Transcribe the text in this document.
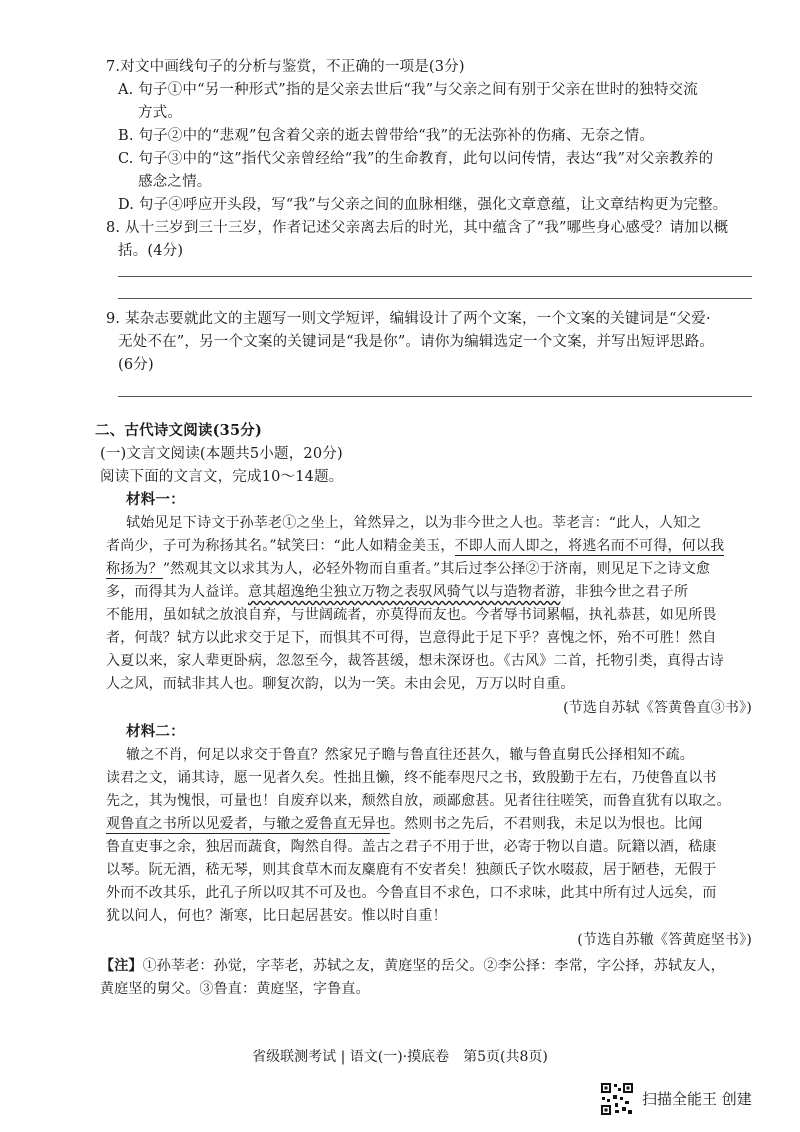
7.对文中画线句子的分析与鉴赏，不正确的一项是(3分)
A. 句子①中“另一种形式”指的是父亲去世后“我”与父亲之间有别于父亲在世时的独特交流
方式。
B. 句子②中的“悲观”包含着父亲的逝去曾带给“我”的无法弥补的伤痛、无奈之情。
C. 句子③中的“这”指代父亲曾经给“我”的生命教育，此句以问传情，表达“我”对父亲教养的
感念之情。
D. 句子④呼应开头段，写“我”与父亲之间的血脉相继，强化文章意蕴，让文章结构更为完整。
8. 从十三岁到三十三岁，作者记述父亲离去后的时光，其中蕴含了“我”哪些身心感受？请加以概
括。(4分)
9. 某杂志要就此文的主题写一则文学短评，编辑设计了两个文案，一个文案的关键词是“父爱·
无处不在”，另一个文案的关键词是“我是你”。请你为编辑选定一个文案，并写出短评思路。
(6分)
二、古代诗文阅读(35分)
(一)文言文阅读(本题共5小题，20分)
阅读下面的文言文，完成10～14题。
材料一：
轼始见足下诗文于孙莘老①之坐上，耸然异之，以为非今世之人也。莘老言：“此人，人知之
者尚少，子可为称扬其名。”轼笑曰：“此人如精金美玉，不即人而人即之，将逃名而不可得，何以我
称扬为？”然观其文以求其为人，必轻外物而自重者。”其后过李公择②于济南，则见足下之诗文愈
多，而得其为人益详。意其超逸绝尘独立万物之表驭风骑气以与造物者游，非独今世之君子所
不能用，虽如轼之放浪自弃，与世阔疏者，亦莫得而友也。今者辱书词累幅，执礼恭甚，如见所畏
者，何哉？轼方以此求交于足下，而惧其不可得，岂意得此于足下乎？喜愧之怀，殆不可胜！然自
入夏以来，家人辈更卧病，忽忽至今，裁答甚缓，想未深讶也。《古风》二首，托物引类，真得古诗
人之风，而轼非其人也。聊复次韵，以为一笑。未由会见，万万以时自重。
(节选自苏轼《答黄鲁直③书》)
材料二：
辙之不肖，何足以求交于鲁直？然家兄子瞻与鲁直往还甚久，辙与鲁直舅氏公择相知不疏。
读君之文，诵其诗，愿一见者久矣。性拙且懒，终不能奉咫尺之书，致殷勤于左右，乃使鲁直以书
先之，其为愧恨，可量也！自废弃以来，颓然自放，顽鄙愈甚。见者往往嗟笑，而鲁直犹有以取之。
观鲁直之书所以见爱者，与辙之爱鲁直无异也。然则书之先后，不君则我，未足以为恨也。比闻
鲁直吏事之余，独居而蔬食，陶然自得。盖古之君子不用于世，必寄于物以自遣。阮籍以酒，嵇康
以琴。阮无酒，嵇无琴，则其食草木而友麋鹿有不安者矣！独颜氏子饮水啜菽，居于陋巷，无假于
外而不改其乐，此孔子所以叹其不可及也。今鲁直目不求色，口不求味，此其中所有过人远矣，而
犹以问人，何也？渐寒，比日起居甚安。惟以时自重！
(节选自苏辙《答黄庭坚书》)
【注】①孙莘老：孙觉，字莘老，苏轼之友，黄庭坚的岳父。②李公择：李常，字公择，苏轼友人，
黄庭坚的舅父。③鲁直：黄庭坚，字鲁直。
省级联测考试 | 语文(一)·摸底卷　第5页(共8页)
扫描全能王 创建
